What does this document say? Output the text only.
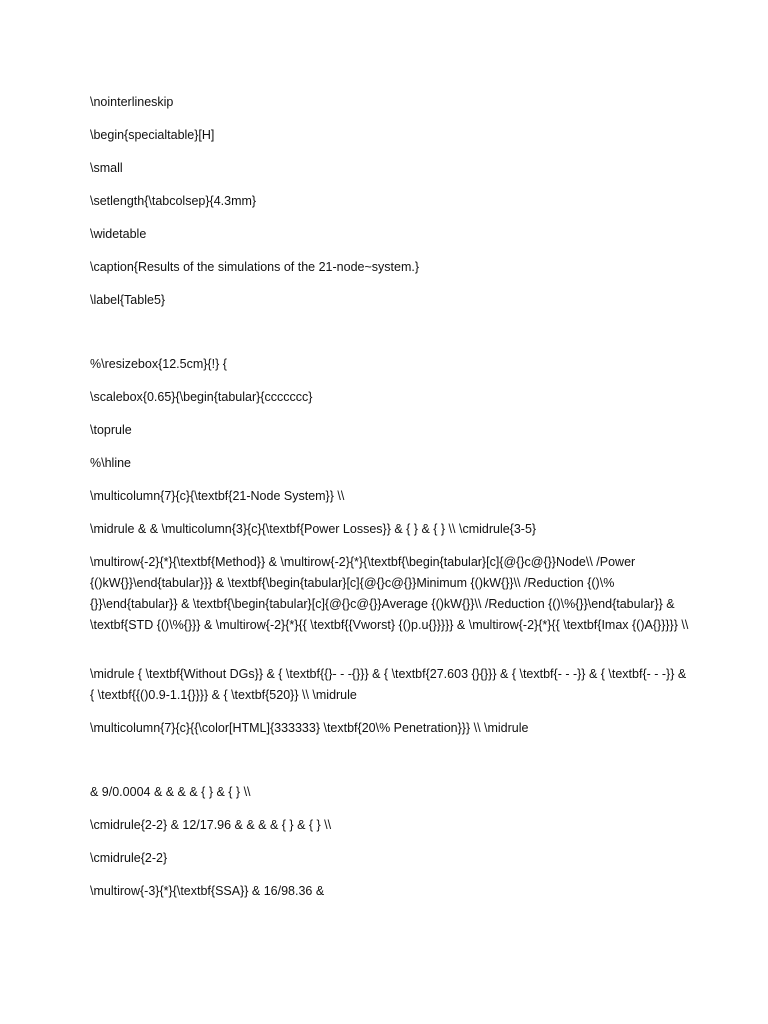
\nointerlineskip

\begin{specialtable}[H]

\small

\setlength{\tabcolsep}{4.3mm}

\widetable

\caption{Results of the simulations of the 21-node~system.}

\label{Table5}

%\resizebox{12.5cm}{!} {

\scalebox{0.65}{\begin{tabular}{ccccccc}

\toprule

%\hline

\multicolumn{7}{c}{\textbf{21-Node System}} \\

\midrule & & \multicolumn{3}{c}{\textbf{Power Losses}} & { } & { } \\ \cmidrule{3-5}

\multirow{-2}{*}{\textbf{Method}} & \multirow{-2}{*}{\textbf{\begin{tabular}[c]{@{}c@{}}Node\\ /Power {()kW{}}\end{tabular}}} & \textbf{\begin{tabular}[c]{@{}c@{}}Minimum {()kW{}}\\ /Reduction {()\%{}}\end{tabular}} & \textbf{\begin{tabular}[c]{@{}c@{}}Average {()kW{}}\\ /Reduction {()\%{}}\end{tabular}} & \textbf{STD {()\%{}}} & \multirow{-2}{*}{{ \textbf{{Vworst} {()p.u{}}}}} & \multirow{-2}{*}{{ \textbf{Imax {()A{}}}}} \\

\midrule { \textbf{Without DGs}} & { \textbf{{}- - -{}}} & { \textbf{27.603 {}{}}} & { \textbf{- - -}} & { \textbf{- - -}} & { \textbf{{()0.9-1.1{}}}} & { \textbf{520}} \\ \midrule

\multicolumn{7}{c}{{\color[HTML]{333333} \textbf{20\% Penetration}}} \\ \midrule

& 9/0.0004 & & & & { } & { } \\

\cmidrule{2-2} & 12/17.96 & & & & { } & { } \\

\cmidrule{2-2}

\multirow{-3}{*}{\textbf{SSA}} & 16/98.36 &
